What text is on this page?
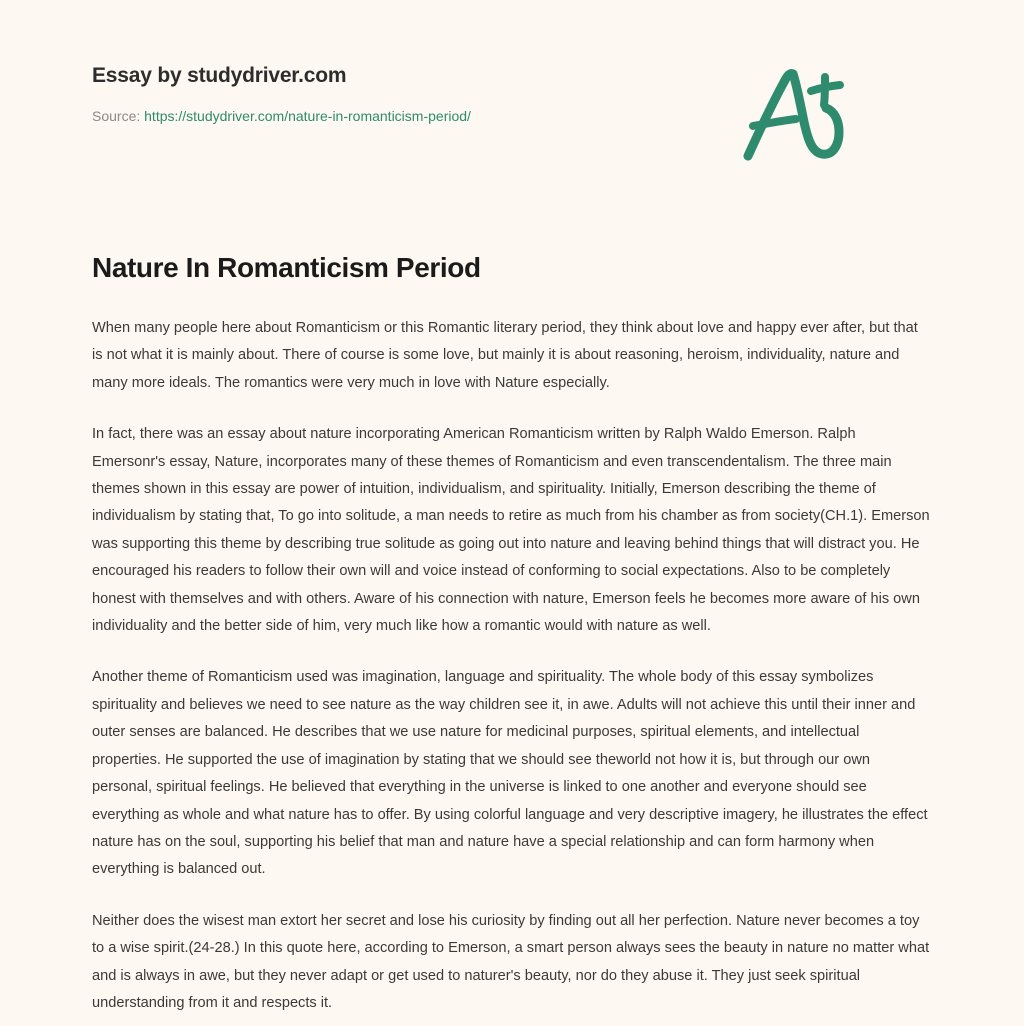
Essay by studydriver.com
Source: https://studydriver.com/nature-in-romanticism-period/
Nature In Romanticism Period

When many people here about Romanticism or this Romantic literary period, they think about love and happy ever after, but that is not what it is mainly about. There of course is some love, but mainly it is about reasoning, heroism, individuality, nature and many more ideals. The romantics were very much in love with Nature especially.

In fact, there was an essay about nature incorporating American Romanticism written by Ralph Waldo Emerson. Ralph Emersonr's essay, Nature, incorporates many of these themes of Romanticism and even transcendentalism. The three main themes shown in this essay are power of intuition, individualism, and spirituality. Initially, Emerson describing the theme of individualism by stating that, To go into solitude, a man needs to retire as much from his chamber as from society(CH.1). Emerson was supporting this theme by describing true solitude as going out into nature and leaving behind things that will distract you. He encouraged his readers to follow their own will and voice instead of conforming to social expectations. Also to be completely honest with themselves and with others. Aware of his connection with nature, Emerson feels he becomes more aware of his own individuality and the better side of him, very much like how a romantic would with nature as well.

Another theme of Romanticism used was imagination, language and spirituality. The whole body of this essay symbolizes spirituality and believes we need to see nature as the way children see it, in awe. Adults will not achieve this until their inner and outer senses are balanced. He describes that we use nature for medicinal purposes, spiritual elements, and intellectual properties. He supported the use of imagination by stating that we should see theworld not how it is, but through our own personal, spiritual feelings. He believed that everything in the universe is linked to one another and everyone should see everything as whole and what nature has to offer. By using colorful language and very descriptive imagery, he illustrates the effect nature has on the soul, supporting his belief that man and nature have a special relationship and can form harmony when everything is balanced out.

Neither does the wisest man extort her secret and lose his curiosity by finding out all her perfection. Nature never becomes a toy to a wise spirit.(24-28.) In this quote here, according to Emerson, a smart person always sees the beauty in nature no matter what and is always in awe, but they never adapt or get used to naturer's beauty, nor do they abuse it. They just seek spiritual understanding from it and respects it.
